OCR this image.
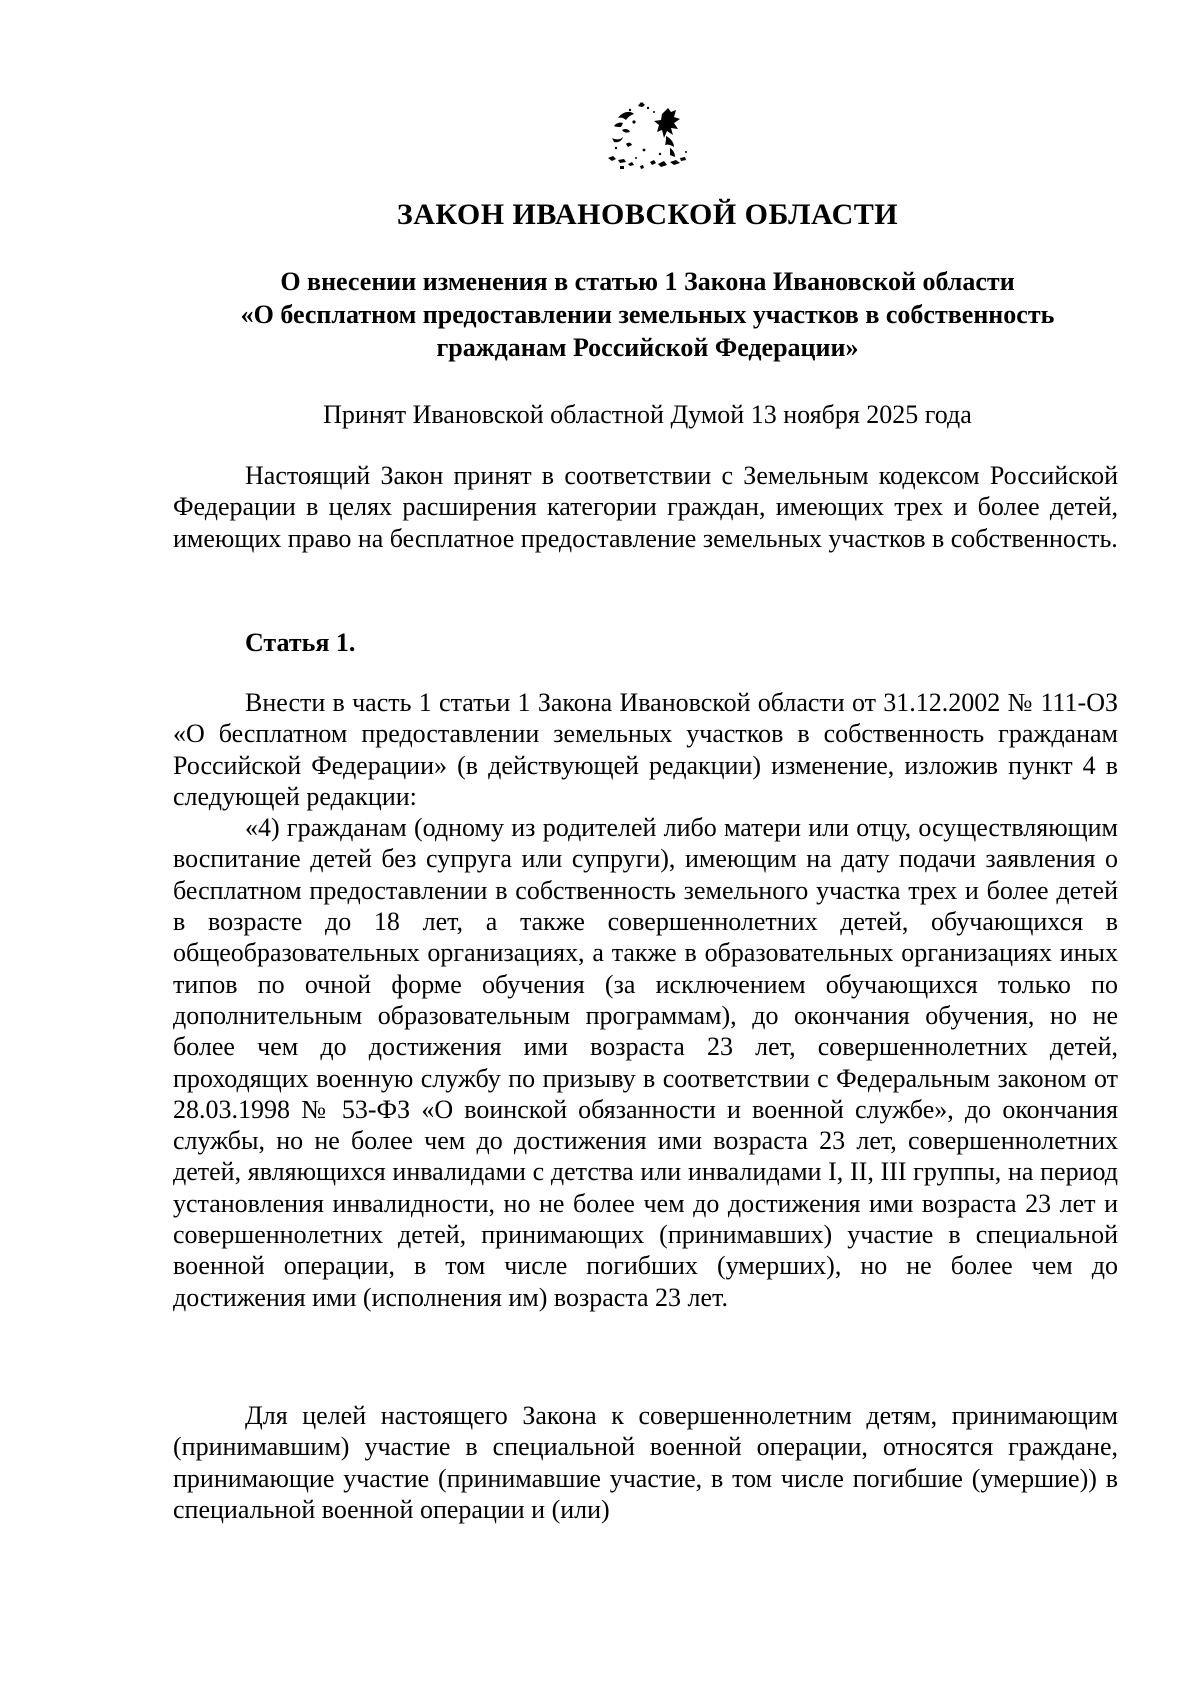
ЗАКОН ИВАНОВСКОЙ ОБЛАСТИ
О внесении изменения в статью 1 Закона Ивановской области
«О бесплатном предоставлении земельных участков в собственность
гражданам Российской Федерации»

Принят Ивановской областной Думой 13 ноября 2025 года

Настоящий Закон принят в соответствии с Земельным кодексом Российской Федерации в целях расширения категории граждан, имеющих трех и более детей, имеющих право на бесплатное предоставление земельных участков в собственность.

Статья 1.

Внести в часть 1 статьи 1 Закона Ивановской области от 31.12.2002 № 111-ОЗ «О бесплатном предоставлении земельных участков в собственность гражданам Российской Федерации» (в действующей редакции) изменение, изложив пункт 4 в следующей редакции:

«4) гражданам (одному из родителей либо матери или отцу, осуществляющим воспитание детей без супруга или супруги), имеющим на дату подачи заявления о бесплатном предоставлении в собственность земельного участка трех и более детей в возрасте до 18 лет, а также совершеннолетних детей, обучающихся в общеобразовательных организациях, а также в образовательных организациях иных типов по очной форме обучения (за исключением обучающихся только по дополнительным образовательным программам), до окончания обучения, но не более чем до достижения ими возраста 23 лет, совершеннолетних детей, проходящих военную службу по призыву в соответствии с Федеральным законом от 28.03.1998 № 53-ФЗ «О воинской обязанности и военной службе», до окончания службы, но не более чем до достижения ими возраста 23 лет, совершеннолетних детей, являющихся инвалидами с детства или инвалидами I, II, III группы, на период установления инвалидности, но не более чем до достижения ими возраста 23 лет и совершеннолетних детей, принимающих (принимавших) участие в специальной военной операции, в том числе погибших (умерших), но не более чем до достижения ими (исполнения им) возраста 23 лет.

Для целей настоящего Закона к совершеннолетним детям, принимающим (принимавшим) участие в специальной военной операции, относятся граждане, принимающие участие (принимавшие участие, в том числе погибшие (умершие)) в специальной военной операции и (или)
